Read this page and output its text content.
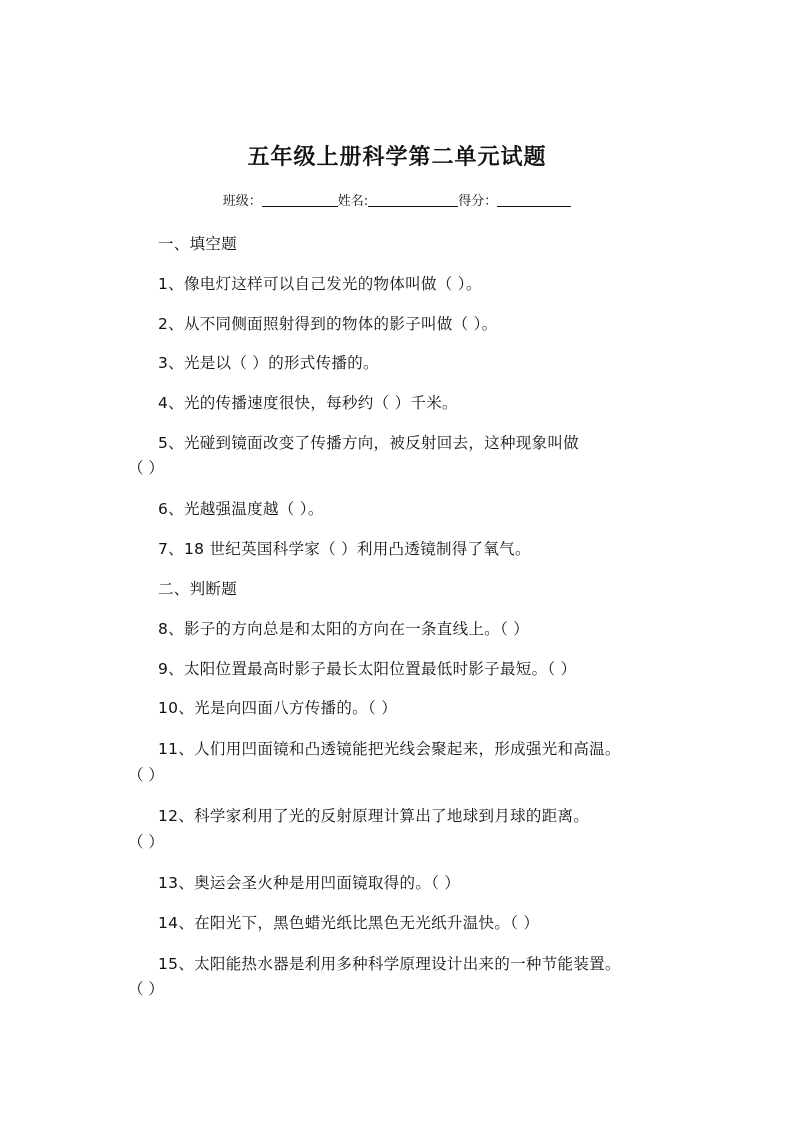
五年级上册科学第二单元试题
班级：	姓名:	得分：
一、填空题
1、像电灯这样可以自己发光的物体叫做（ ）。
2、从不同侧面照射得到的物体的影子叫做（ ）。
3、光是以（ ）的形式传播的。
4、光的传播速度很快，每秒约（ ）千米。
5、光碰到镜面改变了传播方向，被反射回去，这种现象叫做
（ ）
6、光越强温度越（ ）。
7、18 世纪英国科学家（ ）利用凸透镜制得了氧气。
二、判断题
8、影子的方向总是和太阳的方向在一条直线上。（ ）
9、太阳位置最高时影子最长太阳位置最低时影子最短。（ ）
10、光是向四面八方传播的。（ ）
11、人们用凹面镜和凸透镜能把光线会聚起来，形成强光和高温。
（ ）
12、科学家利用了光的反射原理计算出了地球到月球的距离。
（ ）
13、奥运会圣火种是用凹面镜取得的。（ ）
14、在阳光下，黑色蜡光纸比黑色无光纸升温快。（ ）
15、太阳能热水器是利用多种科学原理设计出来的一种节能装置。
（ ）
